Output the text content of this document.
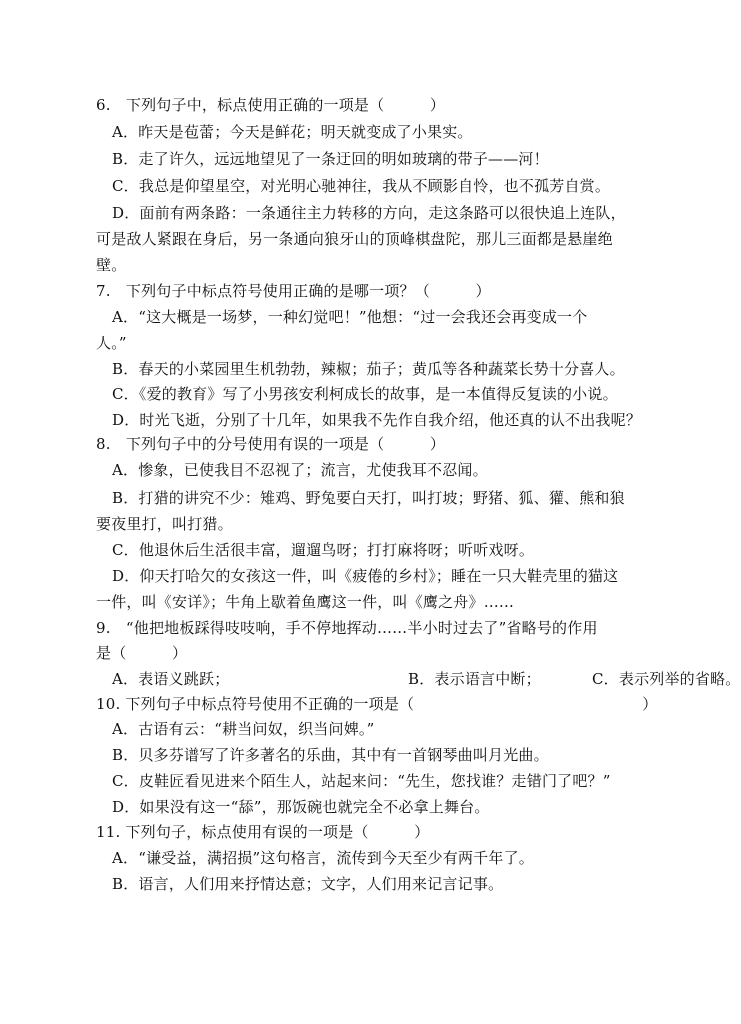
6.　下列句子中，标点使用正确的一项是（　　　）
A．昨天是苞蕾；今天是鲜花；明天就变成了小果实。
B．走了许久，远远地望见了一条迂回的明如玻璃的带子——河！
C．我总是仰望星空，对光明心驰神往，我从不顾影自怜，也不孤芳自赏。
D．面前有两条路：一条通往主力转移的方向，走这条路可以很快追上连队，
可是敌人紧跟在身后，另一条通向狼牙山的顶峰棋盘陀，那儿三面都是悬崖绝
壁。
7.　下列句子中标点符号使用正确的是哪一项？（　　　）
A．“这大概是一场梦，一种幻觉吧！”他想：“过一会我还会再变成一个
人。”
B．春天的小菜园里生机勃勃，辣椒；茄子；黄瓜等各种蔬菜长势十分喜人。
C．《爱的教育》写了小男孩安利柯成长的故事，是一本值得反复读的小说。
D．时光飞逝，分别了十几年，如果我不先作自我介绍，他还真的认不出我呢？
8.　下列句子中的分号使用有误的一项是（　　　）
A．惨象，已使我目不忍视了；流言，尤使我耳不忍闻。
B．打猎的讲究不少：雉鸡、野兔要白天打，叫打坡；野猪、狐、獾、熊和狼
要夜里打，叫打猎。
C．他退休后生活很丰富，遛遛鸟呀；打打麻将呀；听听戏呀。
D．仰天打哈欠的女孩这一件，叫《疲倦的乡村》；睡在一只大鞋壳里的猫这
一件，叫《安详》；牛角上歇着鱼鹰这一件，叫《鹰之舟》……
9.　“他把地板踩得吱吱响，手不停地挥动……半小时过去了”省略号的作用
是（　　　）
A．表语义跳跃；	B．表示语言中断；	C．表示列举的省略。
10. 下列句子中标点符号使用不正确的一项是（　　　　　　　　　　　　　　　）
A．古语有云：“耕当问奴，织当问婢。”
B．贝多芬谱写了许多著名的乐曲，其中有一首钢琴曲叫月光曲。
C．皮鞋匠看见进来个陌生人，站起来问：“先生，您找谁？走错门了吧？”
D．如果没有这一“舔”，那饭碗也就完全不必拿上舞台。
11. 下列句子，标点使用有误的一项是（　　　）
A．“谦受益，满招损”这句格言，流传到今天至少有两千年了。
B．语言，人们用来抒情达意；文字，人们用来记言记事。
